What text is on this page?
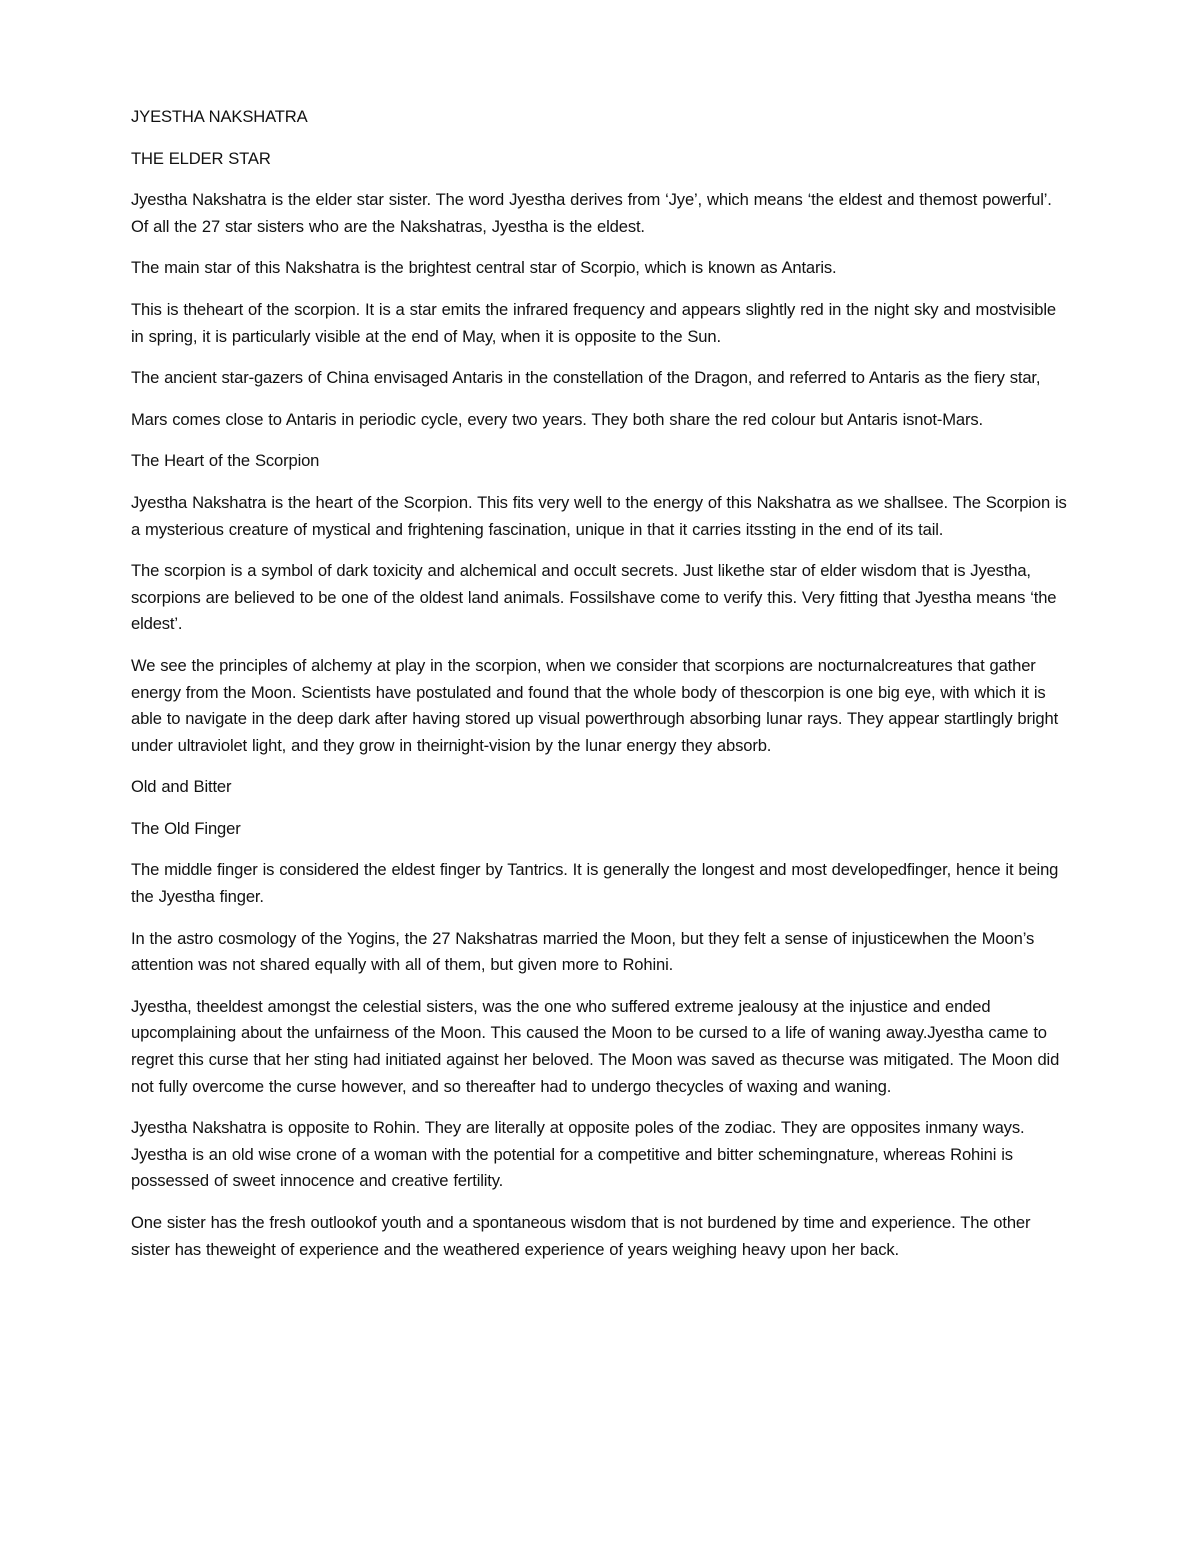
JYESTHA NAKSHATRA

THE ELDER STAR

Jyestha Nakshatra is the elder star sister. The word Jyestha derives from ‘Jye’, which means ‘the eldest and themost powerful’. Of all the 27 star sisters who are the Nakshatras, Jyestha is the eldest.

The main star of this Nakshatra is the brightest central star of Scorpio, which is known as Antaris.

This is theheart of the scorpion. It is a star emits the infrared frequency and appears slightly red in the night sky and mostvisible in spring, it is particularly visible at the end of May, when it is opposite to the Sun.

The ancient star-gazers of China envisaged Antaris in the constellation of the Dragon, and referred to Antaris as the fiery star,

Mars comes close to Antaris in periodic cycle, every two years. They both share the red colour but Antaris isnot-Mars.

The Heart of the Scorpion

Jyestha Nakshatra is the heart of the Scorpion. This fits very well to the energy of this Nakshatra as we shallsee. The Scorpion is a mysterious creature of mystical and frightening fascination, unique in that it carries itssting in the end of its tail.

The scorpion is a symbol of dark toxicity and alchemical and occult secrets. Just likethe star of elder wisdom that is Jyestha, scorpions are believed to be one of the oldest land animals. Fossilshave come to verify this. Very fitting that Jyestha means ‘the eldest’.

We see the principles of alchemy at play in the scorpion, when we consider that scorpions are nocturnalcreatures that gather energy from the Moon. Scientists have postulated and found that the whole body of thescorpion is one big eye, with which it is able to navigate in the deep dark after having stored up visual powerthrough absorbing lunar rays. They appear startlingly bright under ultraviolet light, and they grow in theirnight-vision by the lunar energy they absorb.

Old and Bitter

The Old Finger

The middle finger is considered the eldest finger by Tantrics. It is generally the longest and most developedfinger, hence it being the Jyestha finger.

In the astro cosmology of the Yogins, the 27 Nakshatras married the Moon, but they felt a sense of injusticewhen the Moon’s attention was not shared equally with all of them, but given more to Rohini.

Jyestha, theeldest amongst the celestial sisters, was the one who suffered extreme jealousy at the injustice and ended upcomplaining about the unfairness of the Moon. This caused the Moon to be cursed to a life of waning away.Jyestha came to regret this curse that her sting had initiated against her beloved. The Moon was saved as thecurse was mitigated. The Moon did not fully overcome the curse however, and so thereafter had to undergo thecycles of waxing and waning.

Jyestha Nakshatra is opposite to Rohin. They are literally at opposite poles of the zodiac. They are opposites inmany ways. Jyestha is an old wise crone of a woman with the potential for a competitive and bitter schemingnature, whereas Rohini is possessed of sweet innocence and creative fertility.

One sister has the fresh outlookof youth and a spontaneous wisdom that is not burdened by time and experience. The other sister has theweight of experience and the weathered experience of years weighing heavy upon her back.
